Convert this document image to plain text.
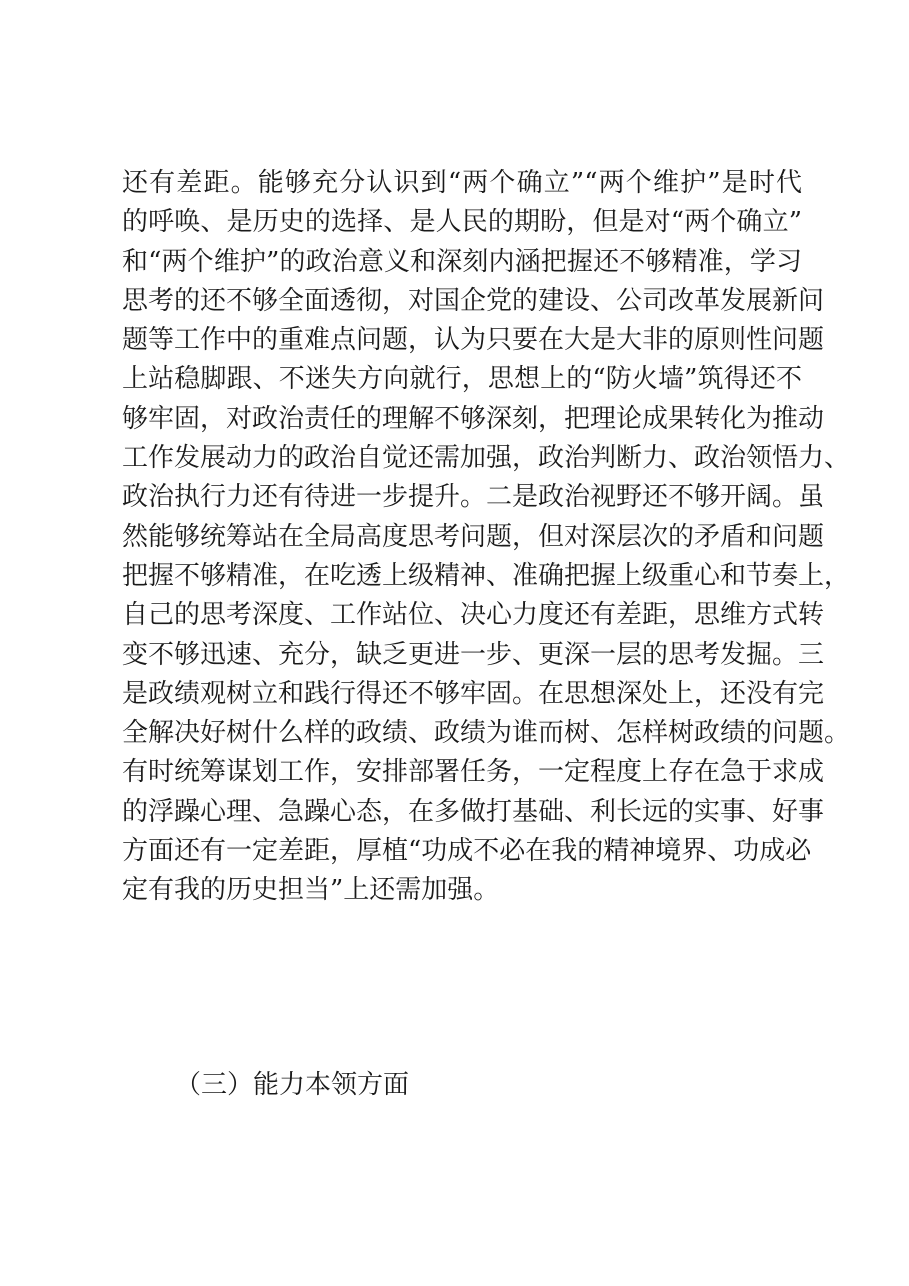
还有差距。能够充分认识到“两个确立”“两个维护”是时代
的呼唤、是历史的选择、是人民的期盼，但是对“两个确立”
和“两个维护”的政治意义和深刻内涵把握还不够精准，学习
思考的还不够全面透彻，对国企党的建设、公司改革发展新问
题等工作中的重难点问题，认为只要在大是大非的原则性问题
上站稳脚跟、不迷失方向就行，思想上的“防火墙”筑得还不
够牢固，对政治责任的理解不够深刻，把理论成果转化为推动
工作发展动力的政治自觉还需加强，政治判断力、政治领悟力、
政治执行力还有待进一步提升。二是政治视野还不够开阔。虽
然能够统筹站在全局高度思考问题，但对深层次的矛盾和问题
把握不够精准，在吃透上级精神、准确把握上级重心和节奏上，
自己的思考深度、工作站位、决心力度还有差距，思维方式转
变不够迅速、充分，缺乏更进一步、更深一层的思考发掘。三
是政绩观树立和践行得还不够牢固。在思想深处上，还没有完
全解决好树什么样的政绩、政绩为谁而树、怎样树政绩的问题。
有时统筹谋划工作，安排部署任务，一定程度上存在急于求成
的浮躁心理、急躁心态，在多做打基础、利长远的实事、好事
方面还有一定差距，厚植“功成不必在我的精神境界、功成必
定有我的历史担当”上还需加强。
（三）能力本领方面
